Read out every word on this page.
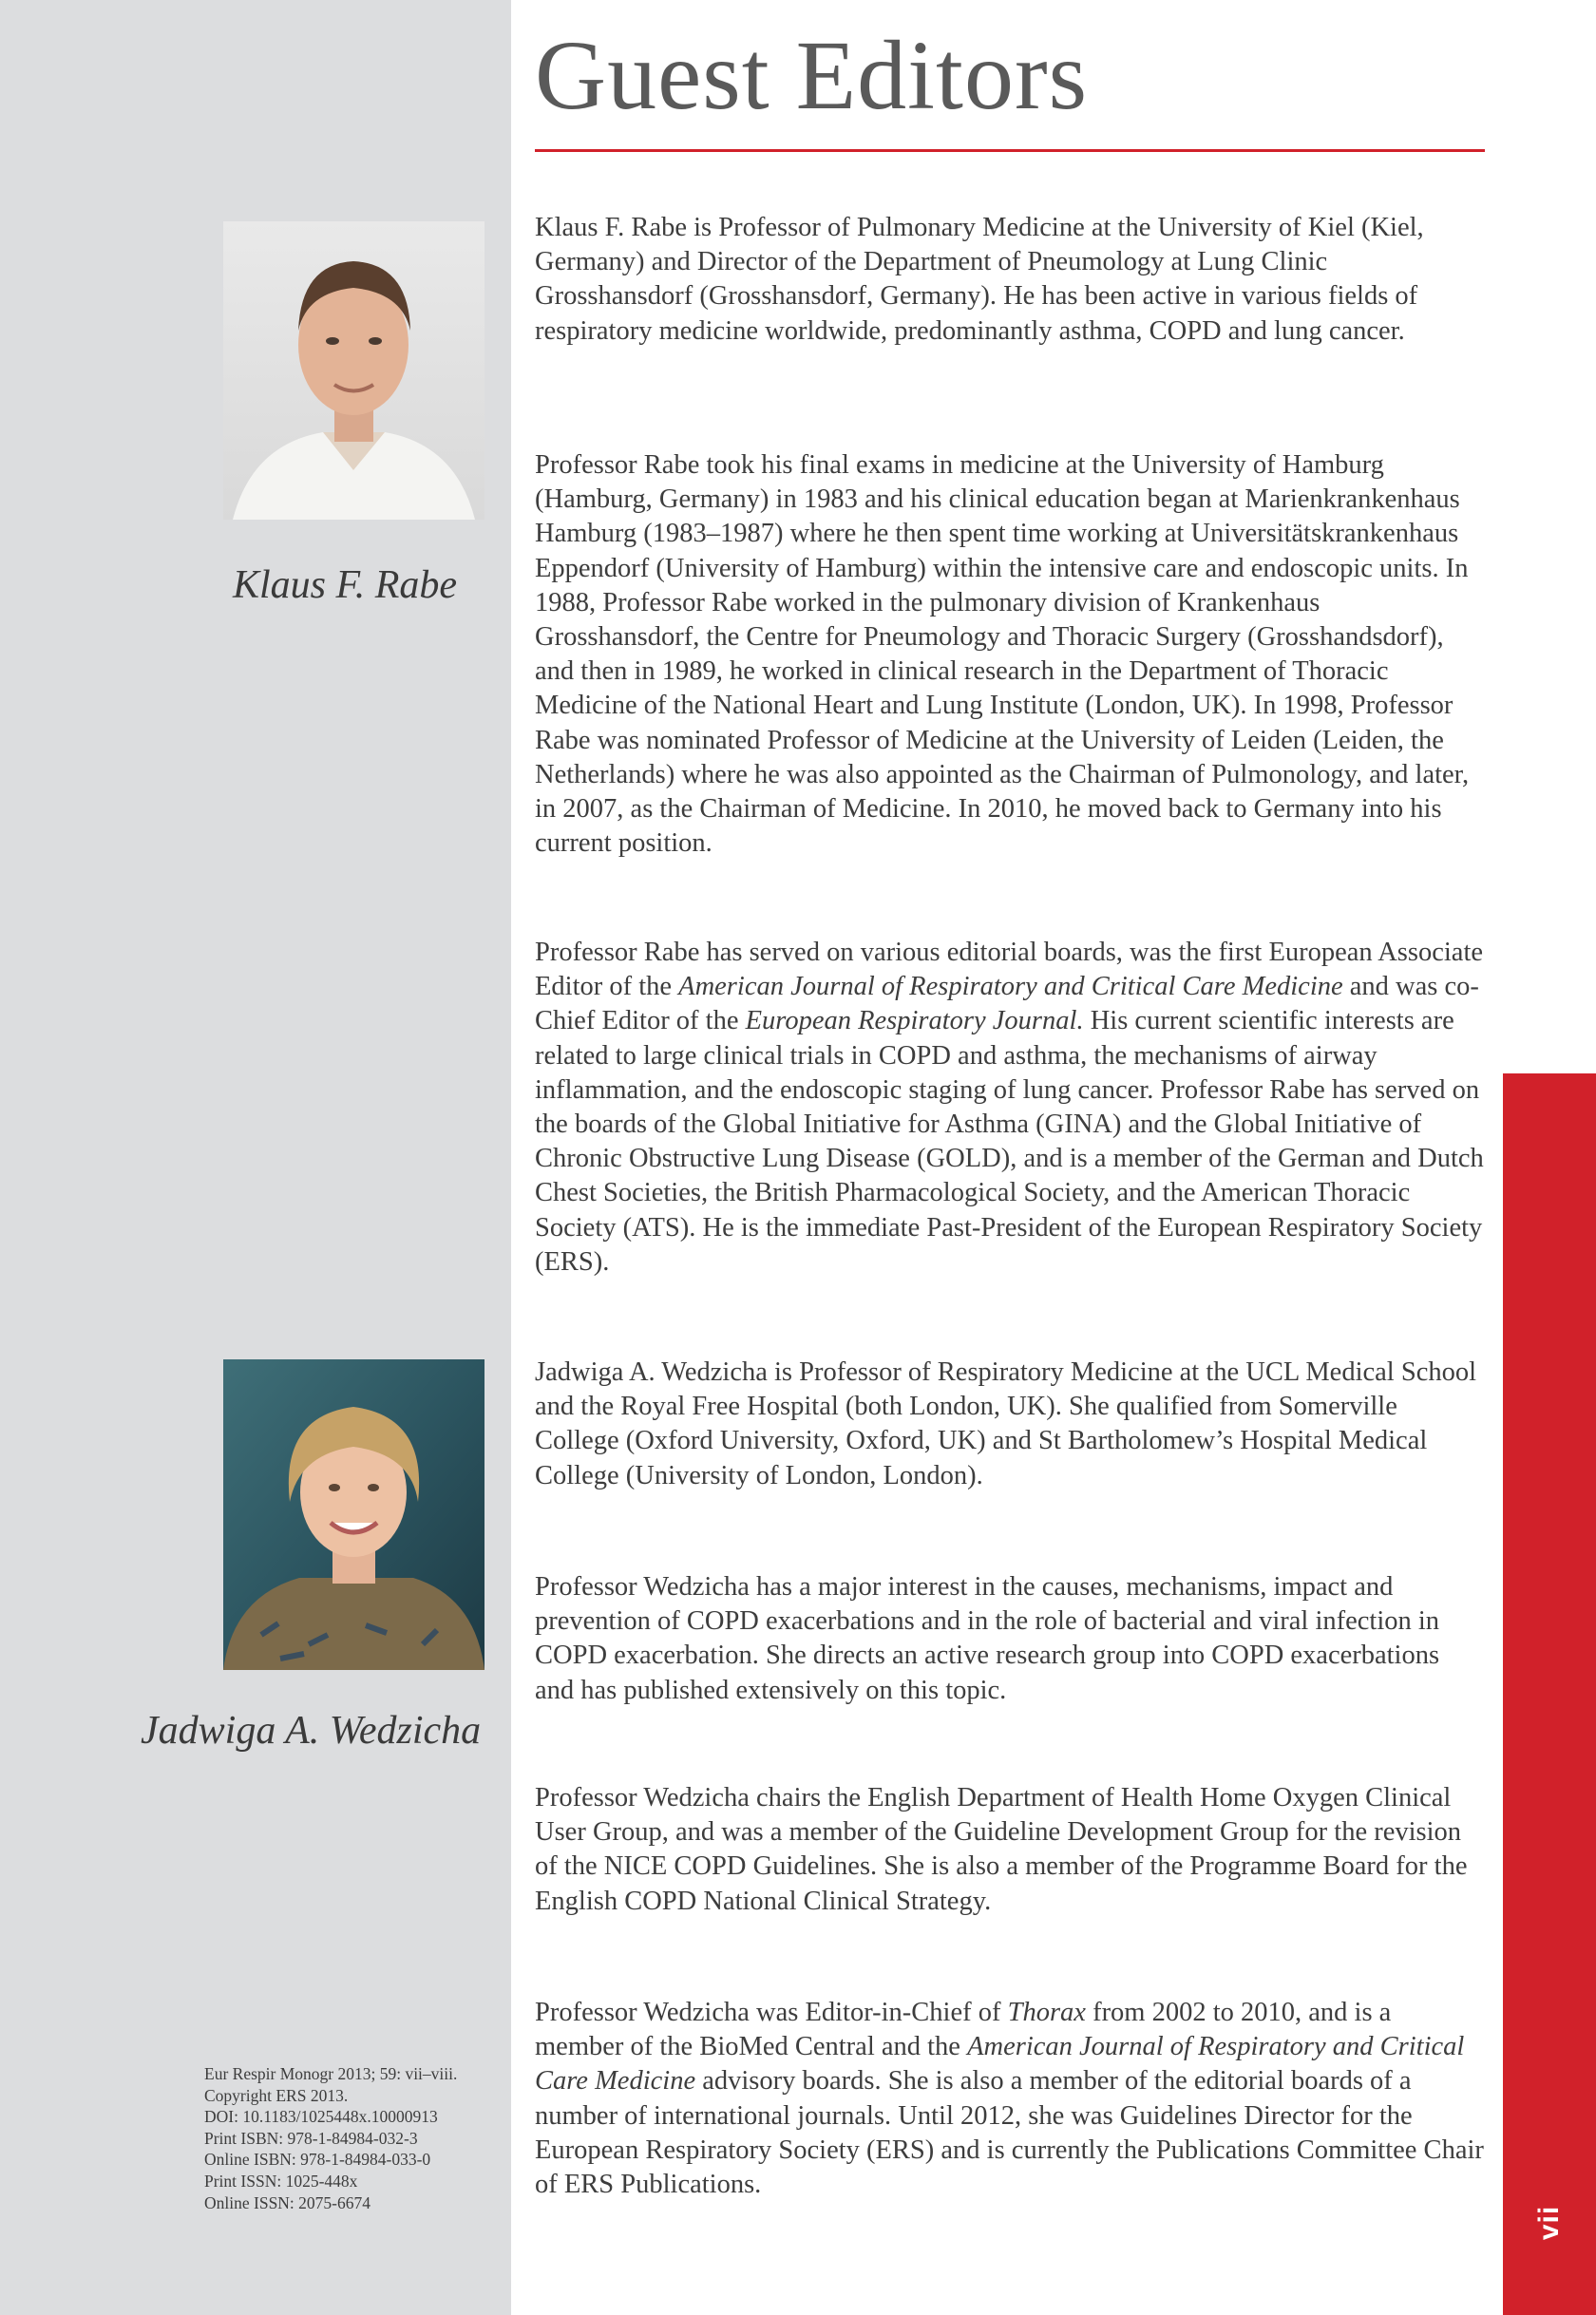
vii
Guest Editors
Klaus F. Rabe
Jadwiga A. Wedzicha

Klaus F. Rabe is Professor of Pulmonary Medicine at the University of Kiel (Kiel, Germany) and Director of the Department of Pneumology at Lung Clinic Grosshansdorf (Grosshansdorf, Germany). He has been active in various fields of respiratory medicine worldwide, predominantly asthma, COPD and lung cancer.

Professor Rabe took his final exams in medicine at the University of Hamburg (Hamburg, Germany) in 1983 and his clinical education began at Marienkrankenhaus Hamburg (1983–1987) where he then spent time working at Universitätskrankenhaus Eppendorf (University of Hamburg) within the intensive care and endoscopic units. In 1988, Professor Rabe worked in the pulmonary division of Krankenhaus Grosshansdorf, the Centre for Pneumology and Thoracic Surgery (Grosshandsdorf), and then in 1989, he worked in clinical research in the Department of Thoracic Medicine of the National Heart and Lung Institute (London, UK). In 1998, Professor Rabe was nominated Professor of Medicine at the University of Leiden (Leiden, the Netherlands) where he was also appointed as the Chairman of Pulmonology, and later, in 2007, as the Chairman of Medicine. In 2010, he moved back to Germany into his current position.

Professor Rabe has served on various editorial boards, was the first European Associate Editor of the American Journal of Respiratory and Critical Care Medicine and was co-Chief Editor of the European Respiratory Journal. His current scientific interests are related to large clinical trials in COPD and asthma, the mechanisms of airway inflammation, and the endoscopic staging of lung cancer. Professor Rabe has served on the boards of the Global Initiative for Asthma (GINA) and the Global Initiative of Chronic Obstructive Lung Disease (GOLD), and is a member of the German and Dutch Chest Societies, the British Pharmacological Society, and the American Thoracic Society (ATS). He is the immediate Past-President of the European Respiratory Society (ERS).

Jadwiga A. Wedzicha is Professor of Respiratory Medicine at the UCL Medical School and the Royal Free Hospital (both London, UK). She qualified from Somerville College (Oxford University, Oxford, UK) and St Bartholomew’s Hospital Medical College (University of London, London).

Professor Wedzicha has a major interest in the causes, mechanisms, impact and prevention of COPD exacerbations and in the role of bacterial and viral infection in COPD exacerbation. She directs an active research group into COPD exacerbations and has published extensively on this topic.

Professor Wedzicha chairs the English Department of Health Home Oxygen Clinical User Group, and was a member of the Guideline Development Group for the revision of the NICE COPD Guidelines. She is also a member of the Programme Board for the English COPD National Clinical Strategy.

Professor Wedzicha was Editor-in-Chief of Thorax from 2002 to 2010, and is a member of the BioMed Central and the American Journal of Respiratory and Critical Care Medicine advisory boards. She is also a member of the editorial boards of a number of international journals. Until 2012, she was Guidelines Director for the European Respiratory Society (ERS) and is currently the Publications Committee Chair of ERS Publications.

Eur Respir Monogr 2013; 59: vii–viii.
Copyright ERS 2013.
DOI: 10.1183/1025448x.10000913
Print ISBN: 978-1-84984-032-3
Online ISBN: 978-1-84984-033-0
Print ISSN: 1025-448x
Online ISSN: 2075-6674
